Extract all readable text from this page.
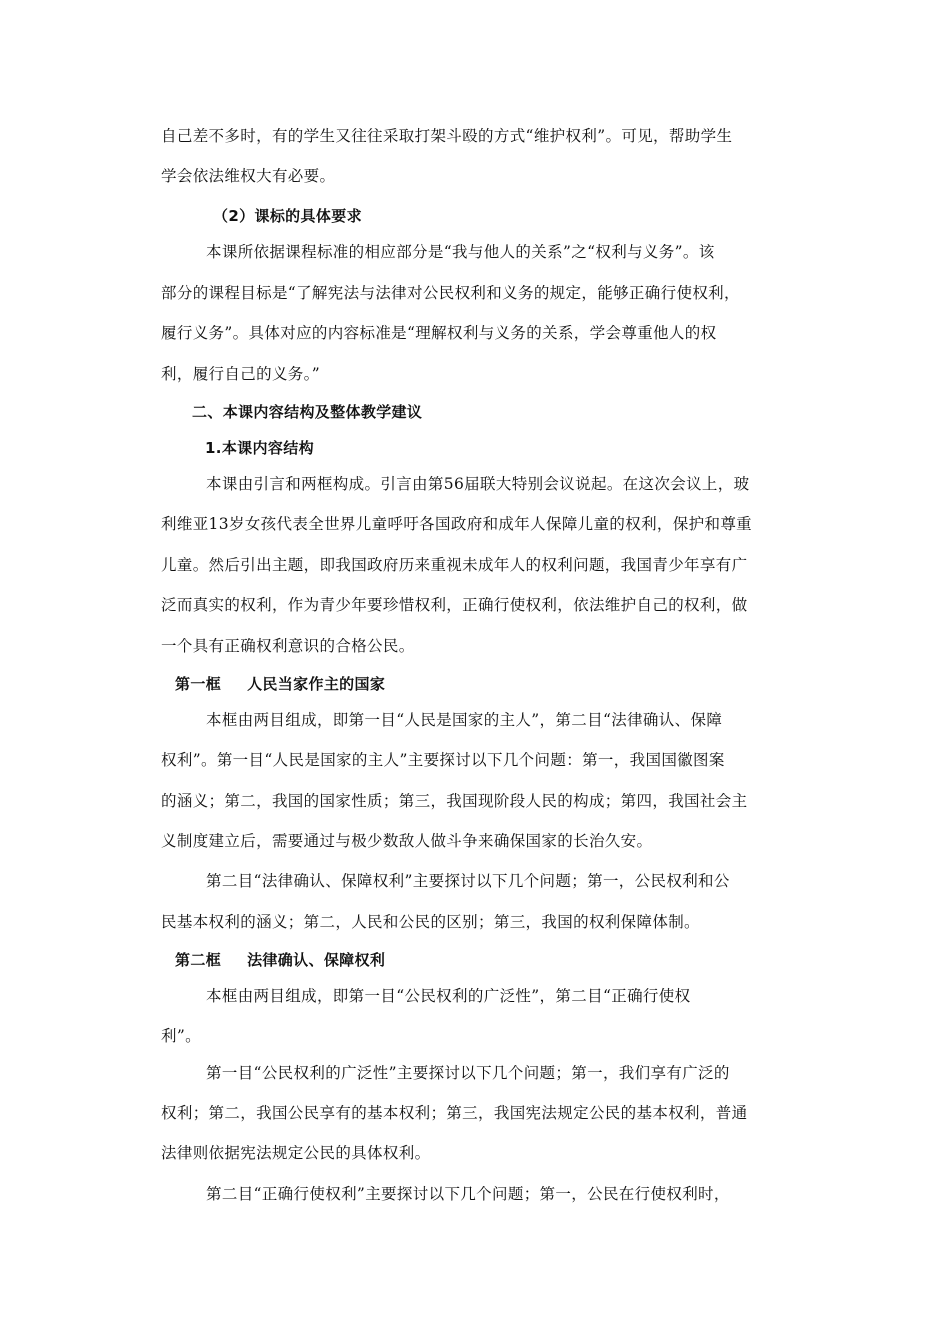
自己差不多时，有的学生又往往采取打架斗殴的方式“维护权利”。可见，帮助学生
学会依法维权大有必要。
（2）课标的具体要求
本课所依据课程标准的相应部分是“我与他人的关系”之“权利与义务”。该
部分的课程目标是“了解宪法与法律对公民权利和义务的规定，能够正确行使权利，
履行义务”。具体对应的内容标准是“理解权利与义务的关系，学会尊重他人的权
利，履行自己的义务。”
二、本课内容结构及整体教学建议
1.本课内容结构
本课由引言和两框构成。引言由第56届联大特别会议说起。在这次会议上，玻
利维亚13岁女孩代表全世界儿童呼吁各国政府和成年人保障儿童的权利，保护和尊重
儿童。然后引出主题，即我国政府历来重视未成年人的权利问题，我国青少年享有广
泛而真实的权利，作为青少年要珍惜权利，正确行使权利，依法维护自己的权利，做
一个具有正确权利意识的合格公民。
第一框 人民当家作主的国家
本框由两目组成，即第一目“人民是国家的主人”，第二目“法律确认、保障
权利”。第一目“人民是国家的主人”主要探讨以下几个问题：第一，我国国徽图案
的涵义；第二，我国的国家性质；第三，我国现阶段人民的构成；第四，我国社会主
义制度建立后，需要通过与极少数敌人做斗争来确保国家的长治久安。
第二目“法律确认、保障权利”主要探讨以下几个问题；第一，公民权利和公
民基本权利的涵义；第二，人民和公民的区别；第三，我国的权利保障体制。
第二框 法律确认、保障权利
本框由两目组成，即第一目“公民权利的广泛性”，第二目“正确行使权
利”。
第一目“公民权利的广泛性”主要探讨以下几个问题；第一，我们享有广泛的
权利；第二，我国公民享有的基本权利；第三，我国宪法规定公民的基本权利，普通
法律则依据宪法规定公民的具体权利。
第二目“正确行使权利”主要探讨以下几个问题；第一，公民在行使权利时，
